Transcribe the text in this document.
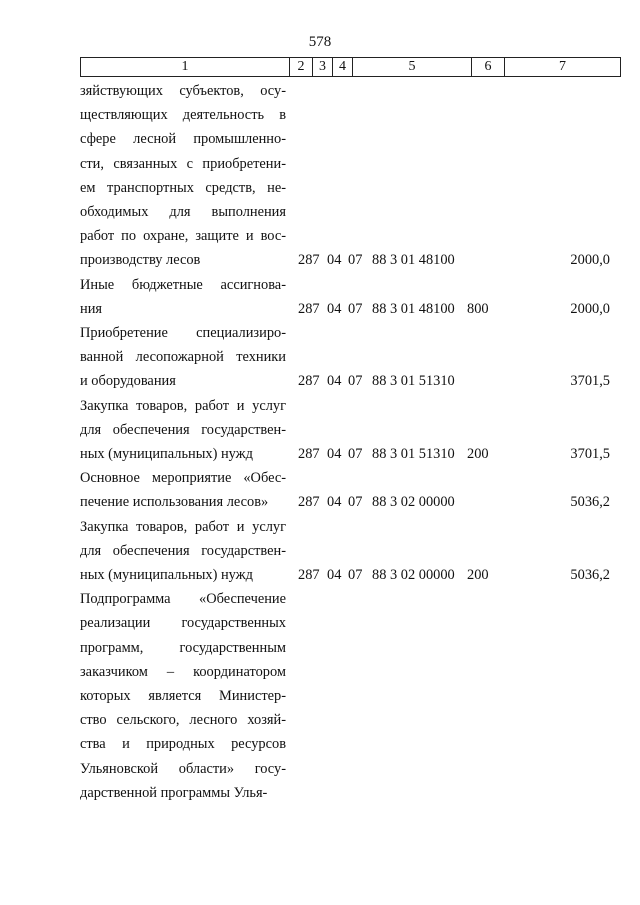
578
1	2	3	4	5	6	7
зяйствующих субъектов, осу-
ществляющих деятельность в
сфере лесной промышленно-
сти, связанных с приобретени-
ем транспортных средств, не-
обходимых для выполнения
работ по охране, защите и вос-
производству лесов	287 04 07 88 3 01 48100	2000,0
Иные бюджетные ассигнова-
ния	287 04 07 88 3 01 48100 800	2000,0
Приобретение специализиро-
ванной лесопожарной техники
и оборудования	287 04 07 88 3 01 51310	3701,5
Закупка товаров, работ и услуг
для обеспечения государствен-
ных (муниципальных) нужд	287 04 07 88 3 01 51310 200	3701,5
Основное мероприятие «Обес-
печение использования лесов»	287 04 07 88 3 02 00000	5036,2
Закупка товаров, работ и услуг
для обеспечения государствен-
ных (муниципальных) нужд	287 04 07 88 3 02 00000 200	5036,2
Подпрограмма «Обеспечение
реализации государственных
программ, государственным
заказчиком – координатором
которых является Министер-
ство сельского, лесного хозяй-
ства и природных ресурсов
Ульяновской области» госу-
дарственной программы Улья-
